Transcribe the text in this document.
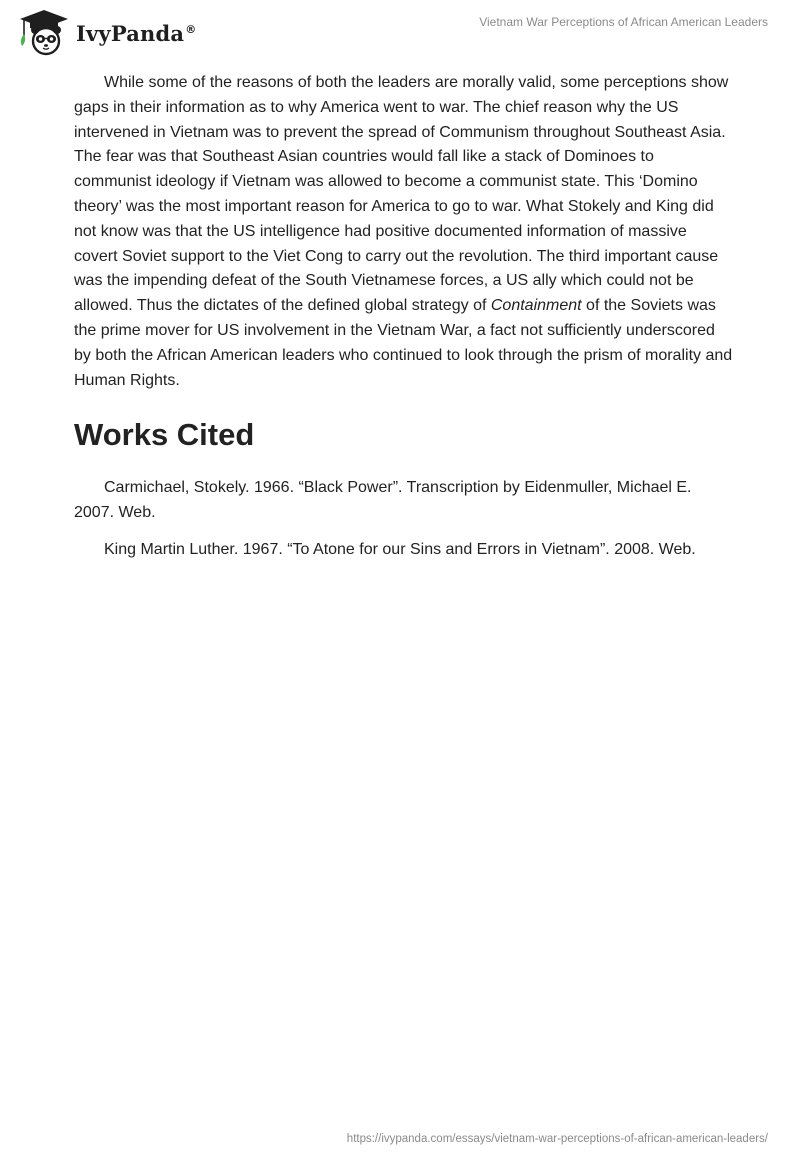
IvyPanda®	Vietnam War Perceptions of African American Leaders

While some of the reasons of both the leaders are morally valid, some perceptions show gaps in their information as to why America went to war. The chief reason why the US intervened in Vietnam was to prevent the spread of Communism throughout Southeast Asia. The fear was that Southeast Asian countries would fall like a stack of Dominoes to communist ideology if Vietnam was allowed to become a communist state. This ‘Domino theory’ was the most important reason for America to go to war. What Stokely and King did not know was that the US intelligence had positive documented information of massive covert Soviet support to the Viet Cong to carry out the revolution. The third important cause was the impending defeat of the South Vietnamese forces, a US ally which could not be allowed. Thus the dictates of the defined global strategy of Containment of the Soviets was the prime mover for US involvement in the Vietnam War, a fact not sufficiently underscored by both the African American leaders who continued to look through the prism of morality and Human Rights.

Works Cited

Carmichael, Stokely. 1966. “Black Power”. Transcription by Eidenmuller, Michael E. 2007. Web.

King Martin Luther. 1967. “To Atone for our Sins and Errors in Vietnam”. 2008. Web.

https://ivypanda.com/essays/vietnam-war-perceptions-of-african-american-leaders/
